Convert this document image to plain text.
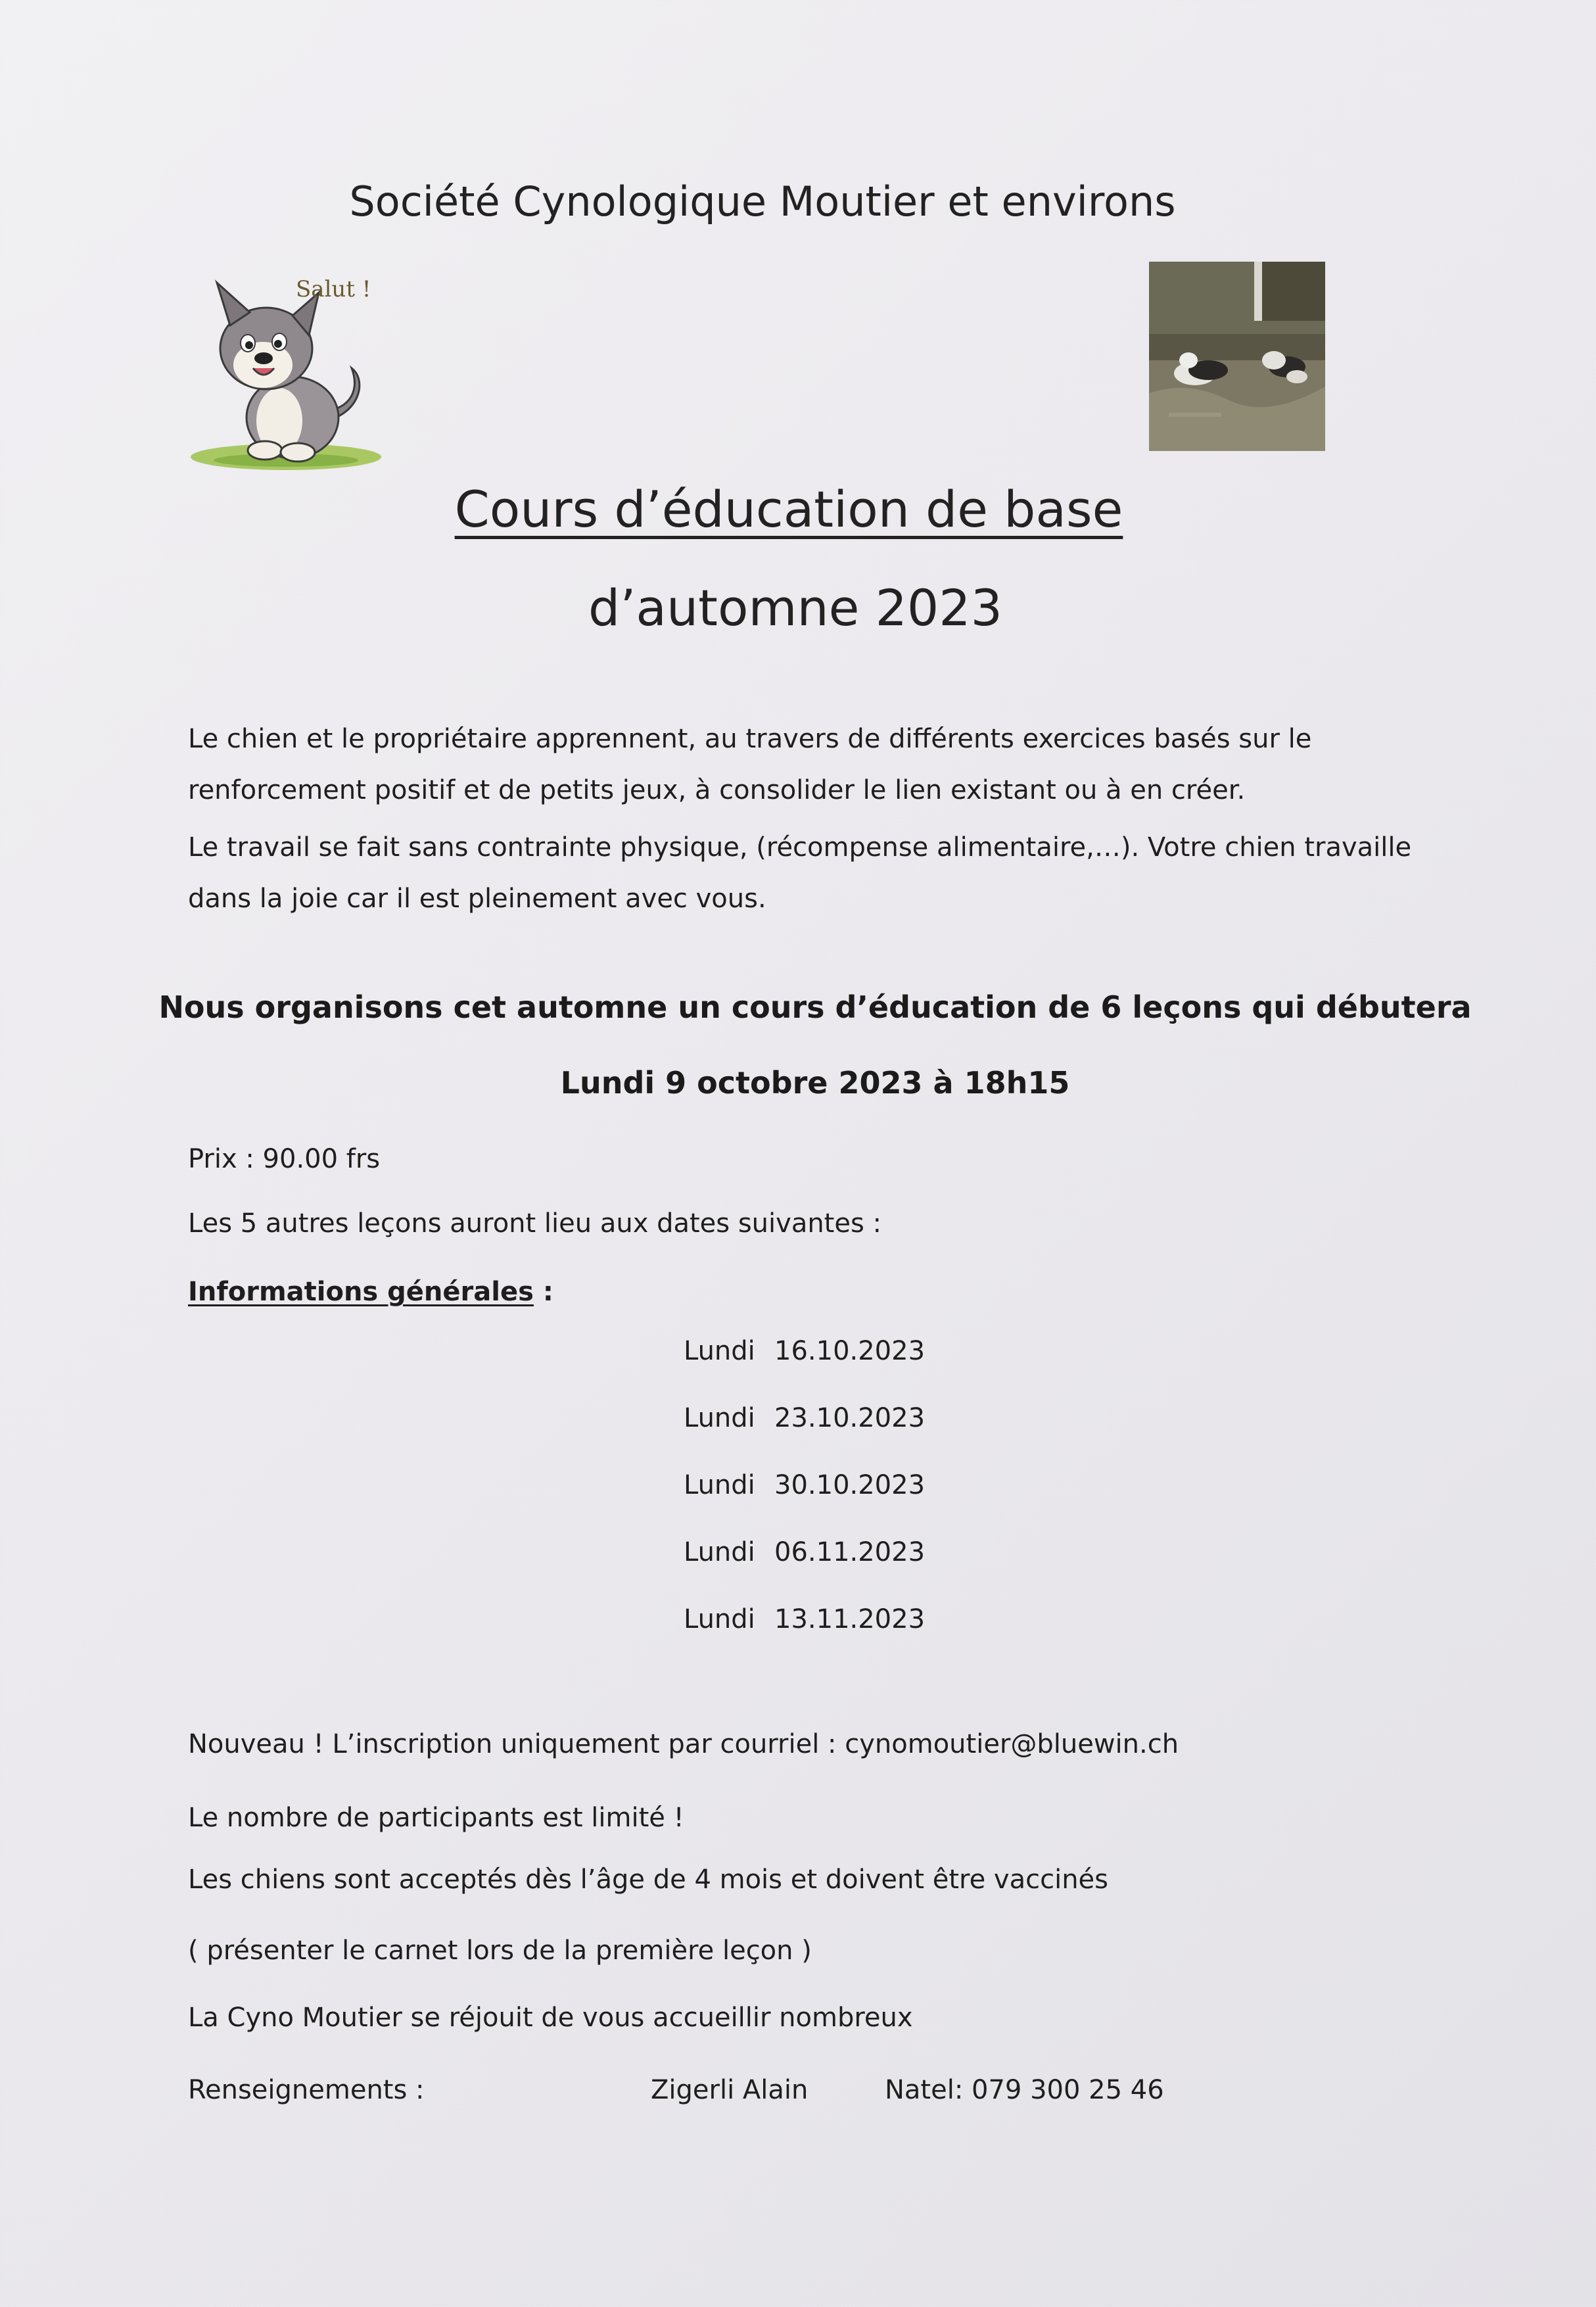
Société Cynologique Moutier et environs
Salut !
Cours d’éducation de base
d’automne 2023
Le chien et le propriétaire apprennent, au travers de différents exercices basés sur le
renforcement positif et de petits jeux, à consolider le lien existant ou à en créer.
Le travail se fait sans contrainte physique, (récompense alimentaire,…). Votre chien travaille
dans la joie car il est pleinement avec vous.
Nous organisons cet automne un cours d’éducation de 6 leçons qui débutera
Lundi 9 octobre 2023 à 18h15
Prix : 90.00 frs
Les 5 autres leçons auront lieu aux dates suivantes :
Informations générales :
Lundi 16.10.2023
Lundi 23.10.2023
Lundi 30.10.2023
Lundi 06.11.2023
Lundi 13.11.2023
Nouveau ! L’inscription uniquement par courriel : cynomoutier@bluewin.ch
Le nombre de participants est limité !
Les chiens sont acceptés dès l’âge de 4 mois et doivent être vaccinés
( présenter le carnet lors de la première leçon )
La Cyno Moutier se réjouit de vous accueillir nombreux
Renseignements :	Zigerli Alain	Natel: 079 300 25 46
